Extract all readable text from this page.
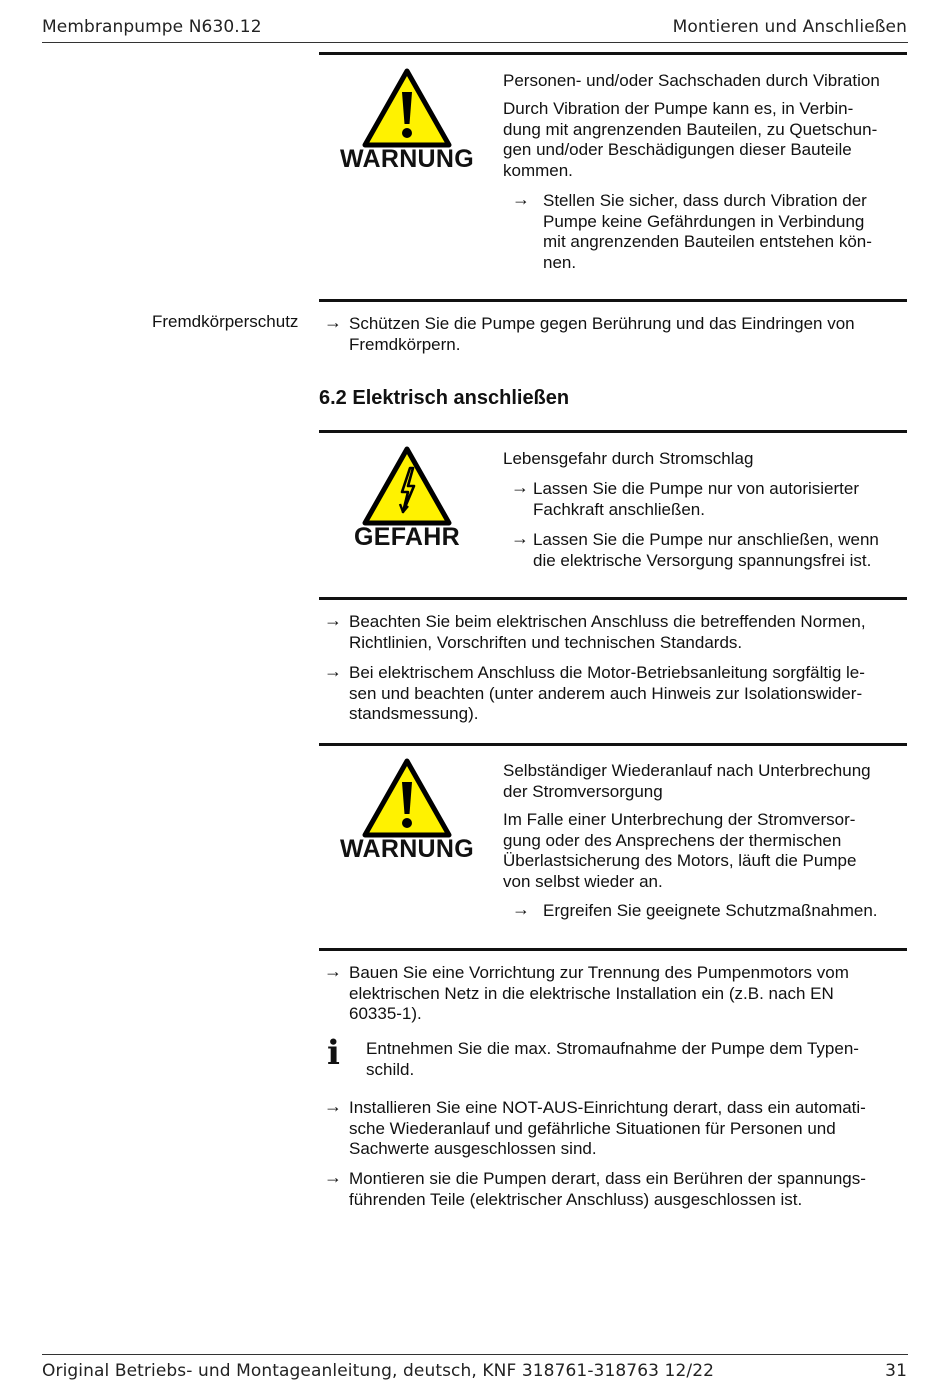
Membranpumpe N630.12	Montieren und Anschließen
WARNUNG

Personen- und/oder Sachschaden durch Vibration

Durch Vibration der Pumpe kann es, in Verbin-

dung mit angrenzenden Bauteilen, zu Quetschun-

gen und/oder Beschädigungen dieser Bauteile

kommen.

→ Stellen Sie sicher, dass durch Vibration der

Pumpe keine Gefährdungen in Verbindung

mit angrenzenden Bauteilen entstehen kön-

nen.

Fremdkörperschutz → Schützen Sie die Pumpe gegen Berührung und das Eindringen von

Fremdkörpern.

6.2 Elektrisch anschließen
GEFAHR
Lebensgefahr durch Stromschlag
→ Lassen Sie die Pumpe nur von autorisierter

Fachkraft anschließen.

→ Lassen Sie die Pumpe nur anschließen, wenn

die elektrische Versorgung spannungsfrei ist.

→ Beachten Sie beim elektrischen Anschluss die betreffenden Normen,

Richtlinien, Vorschriften und technischen Standards.

→ Bei elektrischem Anschluss die Motor-Betriebsanleitung sorgfältig le-

sen und beachten (unter anderem auch Hinweis zur Isolationswider-

standsmessung).

WARNUNG

Selbständiger Wiederanlauf nach Unterbrechung

der Stromversorgung

Im Falle einer Unterbrechung der Stromversor-

gung oder des Ansprechens der thermischen

Überlastsicherung des Motors, läuft die Pumpe

von selbst wieder an.

→ Ergreifen Sie geeignete Schutzmaßnahmen.
→ Bauen Sie eine Vorrichtung zur Trennung des Pumpenmotors vom

elektrischen Netz in die elektrische Installation ein (z.B. nach EN

60335-1).

i Entnehmen Sie die max. Stromaufnahme der Pumpe dem Typen-

schild.

→ Installieren Sie eine NOT-AUS-Einrichtung derart, dass ein automati-

sche Wiederanlauf und gefährliche Situationen für Personen und

Sachwerte ausgeschlossen sind.

→ Montieren sie die Pumpen derart, dass ein Berühren der spannungs-

führenden Teile (elektrischer Anschluss) ausgeschlossen ist.

Original Betriebs- und Montageanleitung, deutsch, KNF 318761-318763 12/22	31
